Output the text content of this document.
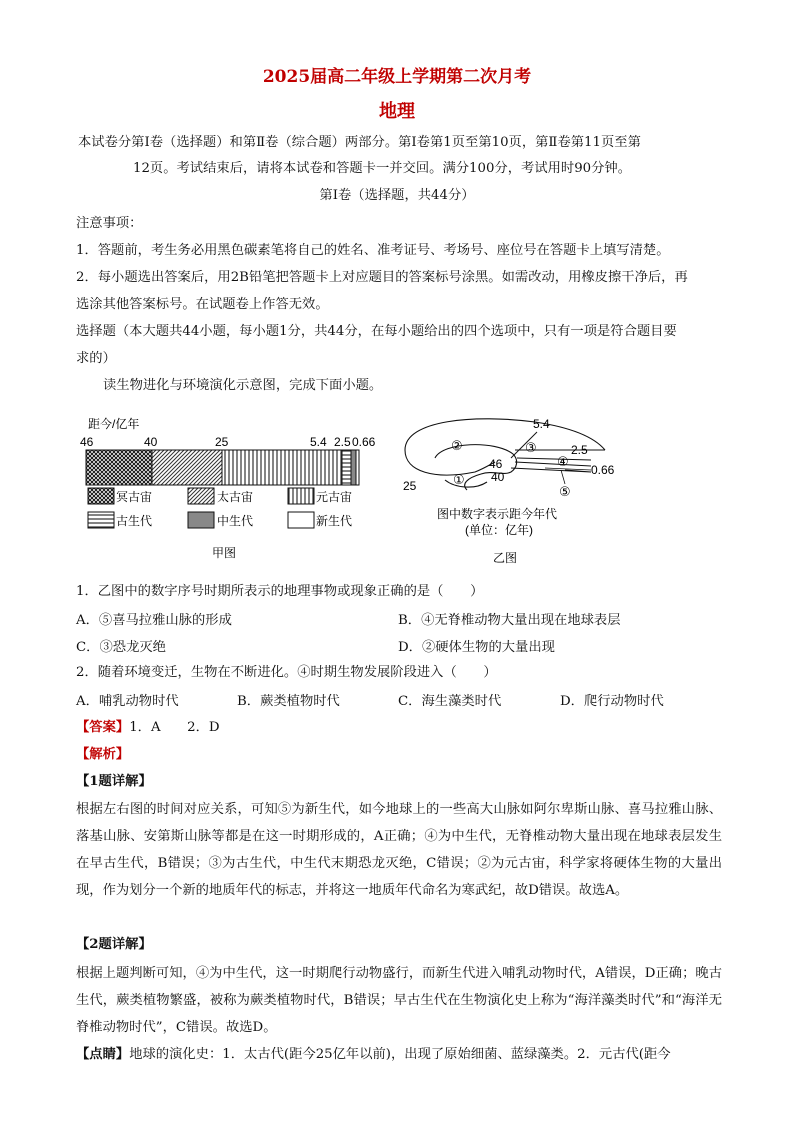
2025届高二年级上学期第二次月考
地理
本试卷分第Ⅰ卷（选择题）和第Ⅱ卷（综合题）两部分。第Ⅰ卷第1页至第10页，第Ⅱ卷第11页至第
12页。考试结束后，请将本试卷和答题卡一并交回。满分100分，考试用时90分钟。
第Ⅰ卷（选择题，共44分）
注意事项：
1．答题前，考生务必用黑色碳素笔将自己的姓名、准考证号、考场号、座位号在答题卡上填写清楚。
2．每小题选出答案后，用2B铅笔把答题卡上对应题目的答案标号涂黑。如需改动，用橡皮擦干净后，再
选涂其他答案标号。在试题卷上作答无效。
选择题（本大题共44小题，每小题1分，共44分，在每小题给出的四个选项中，只有一项是符合题目要
求的）
读生物进化与环境演化示意图，完成下面小题。
距今/亿年
46	40	25	5.4 2.5 0.66
冥古宙	太古宙	元古宙
古生代	中生代	新生代
甲图
5.4
2.5
0.66
46
40
25	①
②	③
④
⑤
图中数字表示距今年代
(单位：亿年)
乙图
1．乙图中的数字序号时期所表示的地理事物或现象正确的是（　　）
A．⑤喜马拉雅山脉的形成	B．④无脊椎动物大量出现在地球表层
C．③恐龙灭绝	D．②硬体生物的大量出现
2．随着环境变迁，生物在不断进化。④时期生物发展阶段进入（　　）
A．哺乳动物时代	B．蕨类植物时代	C．海生藻类时代	D．爬行动物时代
【答案】1．A　　2．D
【解析】
【1题详解】
根据左右图的时间对应关系，可知⑤为新生代，如今地球上的一些高大山脉如阿尔卑斯山脉、喜马拉雅山脉、落基山脉、安第斯山脉等都是在这一时期形成的，A正确；④为中生代，无脊椎动物大量出现在地球表层发生在早古生代，B错误；③为古生代，中生代末期恐龙灭绝，C错误；②为元古宙，科学家将硬体生物的大量出现，作为划分一个新的地质年代的标志，并将这一地质年代命名为寒武纪，故D错误。故选A。
【2题详解】
根据上题判断可知，④为中生代，这一时期爬行动物盛行，而新生代进入哺乳动物时代，A错误，D正确；晚古生代，蕨类植物繁盛，被称为蕨类植物时代，B错误；早古生代在生物演化史上称为“海洋藻类时代”和“海洋无脊椎动物时代”，C错误。故选D。
【点睛】地球的演化史：1．太古代(距今25亿年以前)，出现了原始细菌、蓝绿藻类。2．元古代(距今
